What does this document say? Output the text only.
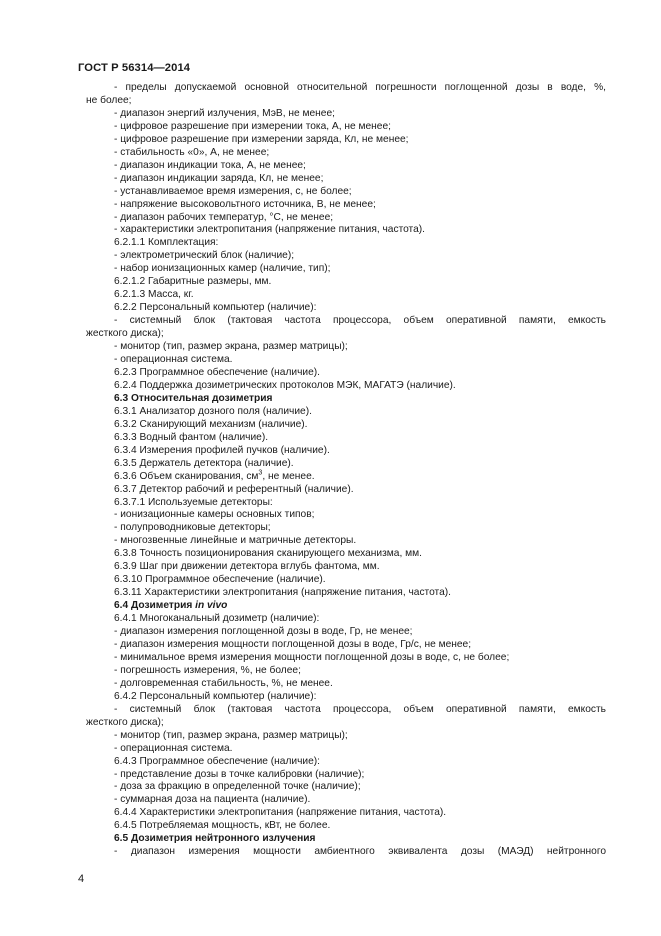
ГОСТ Р 56314—2014
- пределы допускаемой основной относительной погрешности поглощенной дозы в воде, %,
не более;
- диапазон энергий излучения, МэВ, не менее;
- цифровое разрешение при измерении тока, А, не менее;
- цифровое разрешение при измерении заряда, Кл, не менее;
- стабильность «0», А, не менее;
- диапазон индикации тока, А, не менее;
- диапазон индикации заряда, Кл, не менее;
- устанавливаемое время измерения, с, не более;
- напряжение высоковольтного источника, В, не менее;
- диапазон рабочих температур, °С, не менее;
- характеристики электропитания (напряжение питания, частота).
6.2.1.1 Комплектация:
- электрометрический блок (наличие);
- набор ионизационных камер (наличие, тип);
6.2.1.2 Габаритные размеры, мм.
6.2.1.3 Масса, кг.
6.2.2 Персональный компьютер (наличие):
- системный блок (тактовая частота процессора, объем оперативной памяти, емкость
жесткого диска);
- монитор (тип, размер экрана, размер матрицы);
- операционная система.
6.2.3 Программное обеспечение (наличие).
6.2.4 Поддержка дозиметрических протоколов МЭК, МАГАТЭ (наличие).
6.3 Относительная дозиметрия
6.3.1 Анализатор дозного поля (наличие).
6.3.2 Сканирующий механизм (наличие).
6.3.3 Водный фантом (наличие).
6.3.4 Измерения профилей пучков (наличие).
6.3.5 Держатель детектора (наличие).
6.3.6 Объем сканирования, $см^3$, не менее.
6.3.7 Детектор рабочий и референтный (наличие).
6.3.7.1 Используемые детекторы:
- ионизационные камеры основных типов;
- полупроводниковые детекторы;
- многозвенные линейные и матричные детекторы.
6.3.8 Точность позиционирования сканирующего механизма, мм.
6.3.9 Шаг при движении детектора вглубь фантома, мм.
6.3.10 Программное обеспечение (наличие).
6.3.11 Характеристики электропитания (напряжение питания, частота).
6.4 Дозиметрия in vivo
6.4.1 Многоканальный дозиметр (наличие):
- диапазон измерения поглощенной дозы в воде, Гр, не менее;
- диапазон измерения мощности поглощенной дозы в воде, Гр/с, не менее;
- минимальное время измерения мощности поглощенной дозы в воде, с, не более;
- погрешность измерения, %, не более;
- долговременная стабильность, %, не менее.
6.4.2 Персональный компьютер (наличие):
- системный блок (тактовая частота процессора, объем оперативной памяти, емкость
жесткого диска);
- монитор (тип, размер экрана, размер матрицы);
- операционная система.
6.4.3 Программное обеспечение (наличие):
- представление дозы в точке калибровки (наличие);
- доза за фракцию в определенной точке (наличие);
- суммарная доза на пациента (наличие).
6.4.4 Характеристики электропитания (напряжение питания, частота).
6.4.5 Потребляемая мощность, кВт, не более.
6.5 Дозиметрия нейтронного излучения
- диапазон измерения мощности амбиентного эквивалента дозы (МАЭД) нейтронного
4
